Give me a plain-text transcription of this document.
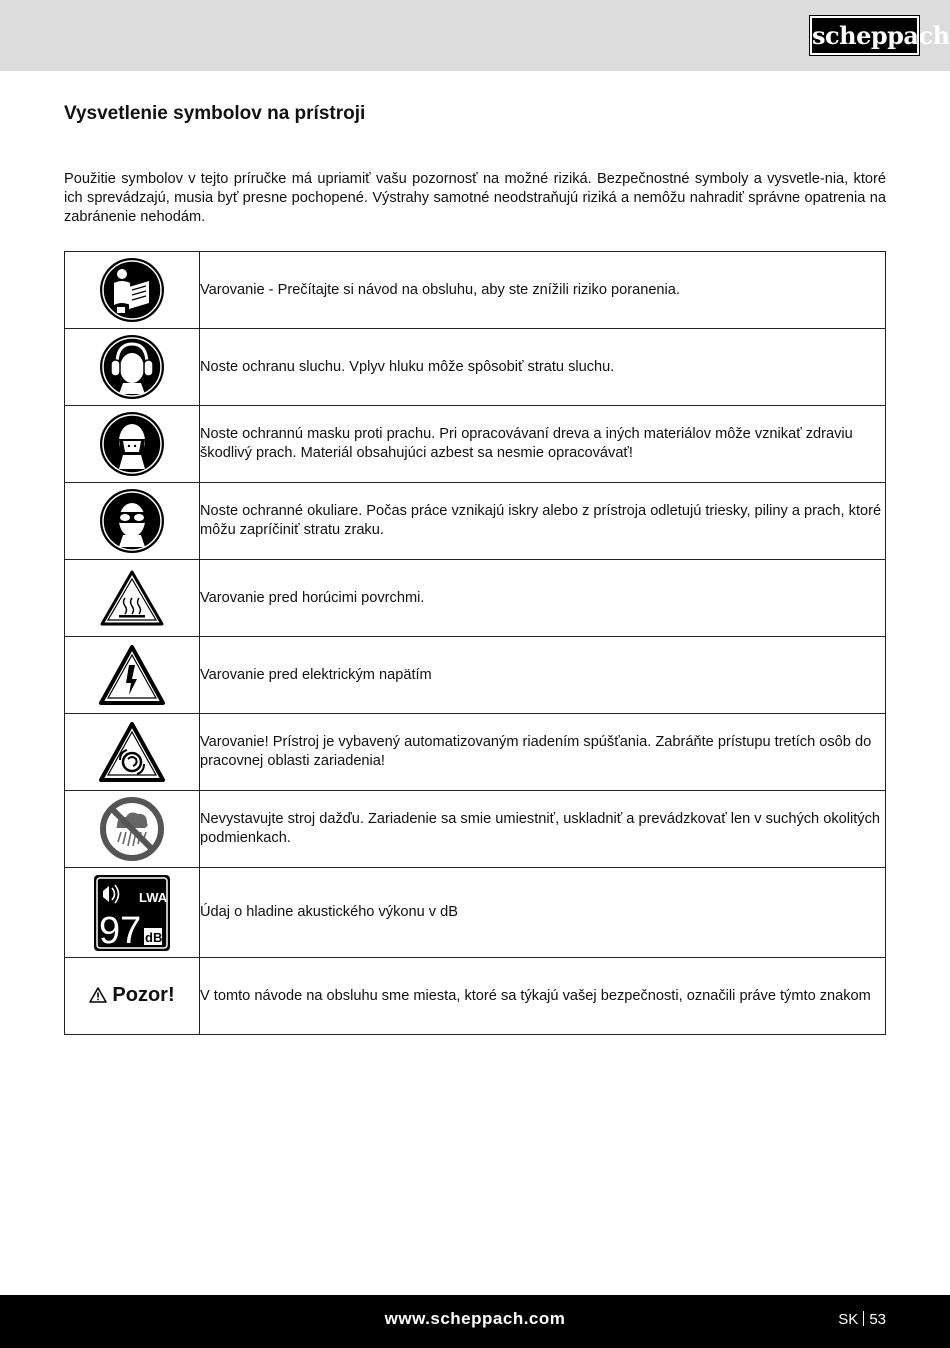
scheppach
Vysvetlenie symbolov na prístroji

Použitie symbolov v tejto príručke má upriamiť vašu pozornosť na možné riziká. Bezpečnostné symboly a vysvetle-nia, ktoré ich sprevádzajú, musia byť presne pochopené. Výstrahy samotné neodstraňujú riziká a nemôžu nahradiť správne opatrenia na zabránenie nehodám.

	Varovanie - Prečítajte si návod na obsluhu, aby ste znížili riziko poranenia.

	Noste ochranu sluchu. Vplyv hluku môže spôsobiť stratu sluchu.

	Noste ochrannú masku proti prachu. Pri opracovávaní dreva a iných materiálov môže vznikať zdraviu škodlivý prach. Materiál obsahujúci azbest sa nesmie opracovávať!

	Noste ochranné okuliare. Počas práce vznikajú iskry alebo z prístroja odletujú triesky, piliny a prach, ktoré môžu zapríčiniť stratu zraku.

	Varovanie pred horúcimi povrchmi.

	Varovanie pred elektrickým napätím

	Varovanie! Prístroj je vybavený automatizovaným riadením spúšťania. Zabráňte prístupu tretích osôb do pracovnej oblasti zariadenia!

	Nevystavujte stroj dažďu. Zariadenie sa smie umiestniť, uskladniť a prevádzkovať len v suchých okolitých podmienkach.

LWA
97 dB	Údaj o hladine akustického výkonu v dB

Pozor!	V tomto návode na obsluhu sme miesta, ktoré sa týkajú vašej bezpečnosti, označili práve týmto znakom
www.scheppach.com	SK 53
